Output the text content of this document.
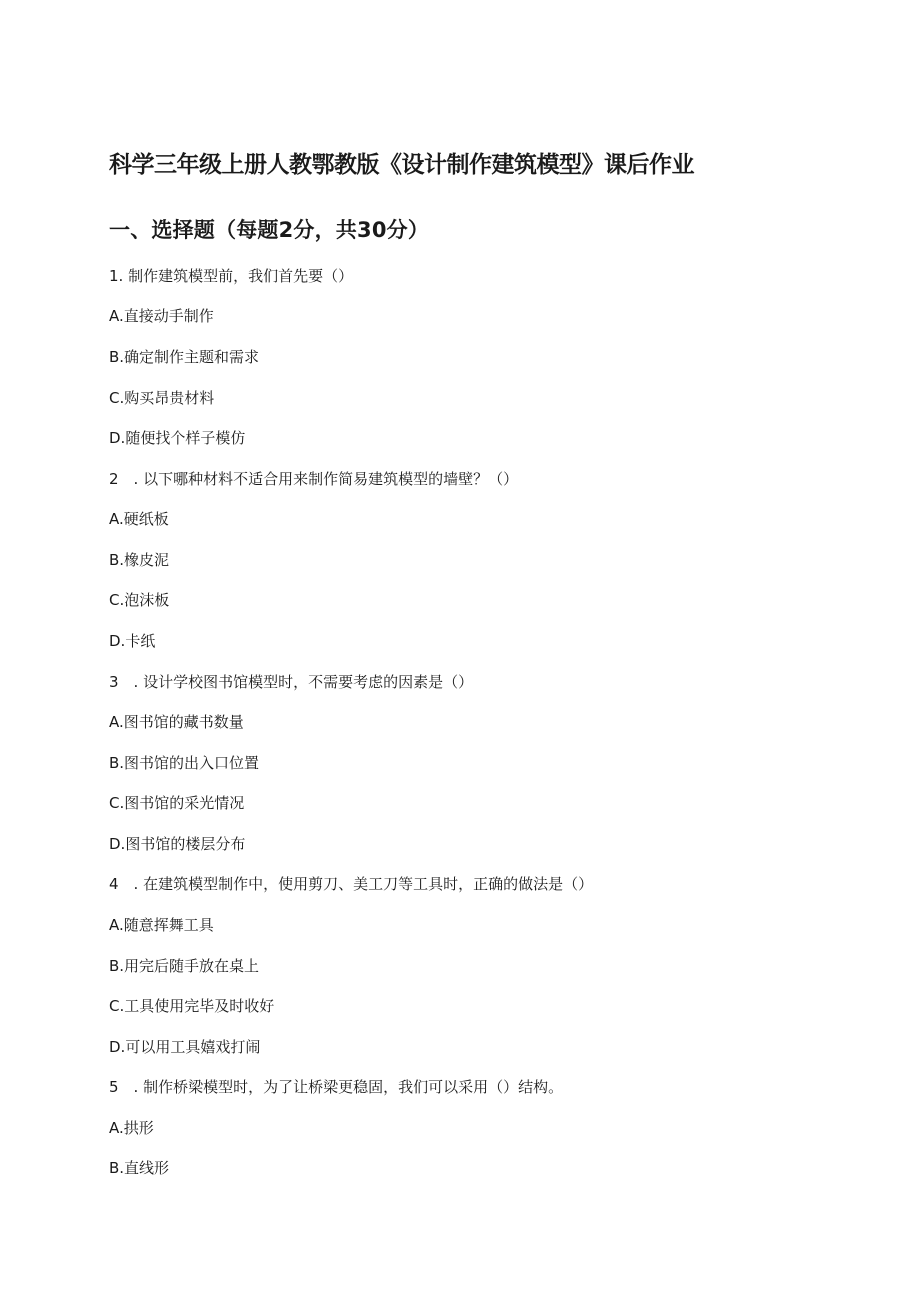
科学三年级上册人教鄂教版《设计制作建筑模型》课后作业
一、选择题（每题2分，共30分）
1. 制作建筑模型前，我们首先要（）
A.直接动手制作
B.确定制作主题和需求
C.购买昂贵材料
D.随便找个样子模仿
2　. 以下哪种材料不适合用来制作简易建筑模型的墙壁？（）
A.硬纸板
B.橡皮泥
C.泡沫板
D.卡纸
3　. 设计学校图书馆模型时，不需要考虑的因素是（）
A.图书馆的藏书数量
B.图书馆的出入口位置
C.图书馆的采光情况
D.图书馆的楼层分布
4　. 在建筑模型制作中，使用剪刀、美工刀等工具时，正确的做法是（）
A.随意挥舞工具
B.用完后随手放在桌上
C.工具使用完毕及时收好
D.可以用工具嬉戏打闹
5　. 制作桥梁模型时，为了让桥梁更稳固，我们可以采用（）结构。
A.拱形
B.直线形
